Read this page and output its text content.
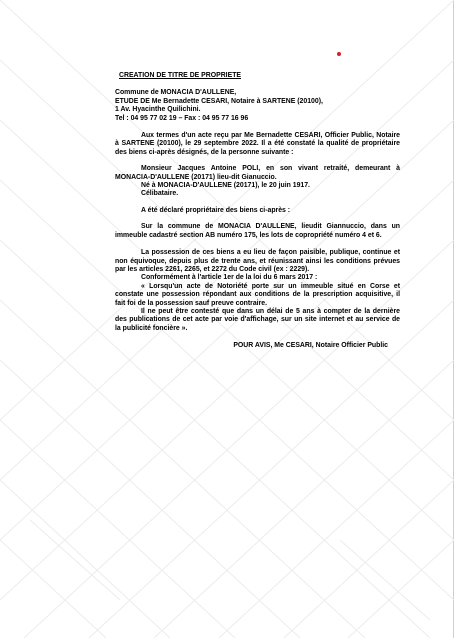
CREATION DE TITRE DE PROPRIETE

Commune de MONACIA D'AULLENE,

ETUDE DE Me Bernadette CESARI, Notaire à SARTENE (20100),

1 Av. Hyacinthe Quilichini.

Tel : 04 95 77 02 19 – Fax : 04 95 77 16 96

Aux termes d'un acte reçu par Me Bernadette CESARI, Officier Public, Notaire à SARTENE (20100), le 29 septembre 2022. Il a été constaté la qualité de propriétaire des biens ci-après désignés, de la personne suivante :

Monsieur Jacques Antoine POLI, en son vivant retraité, demeurant à MONACIA-D'AULLENE (20171) lieu-dit Gianuccio.

Né à MONACIA-D'AULLENE (20171), le 20 juin 1917.

Célibataire.

A été déclaré propriétaire des biens ci-après :

Sur la commune de MONACIA D'AULLENE, lieudit Giannuccio, dans un immeuble cadastré section AB numéro 175, les lots de copropriété numéro 4 et 6.

La possession de ces biens a eu lieu de façon paisible, publique, continue et non équivoque, depuis plus de trente ans, et réunissant ainsi les conditions prévues par les articles 2261, 2265, et 2272 du Code civil (ex : 2229).

Conformément à l'article 1er de la loi du 6 mars 2017 :

« Lorsqu'un acte de Notoriété porte sur un immeuble situé en Corse et constate une possession répondant aux conditions de la prescription acquisitive, il fait foi de la possession sauf preuve contraire.

Il ne peut être contesté que dans un délai de 5 ans à compter de la dernière des publications de cet acte par voie d'affichage, sur un site internet et au service de la publicité foncière ».

POUR AVIS, Me CESARI, Notaire Officier Public
